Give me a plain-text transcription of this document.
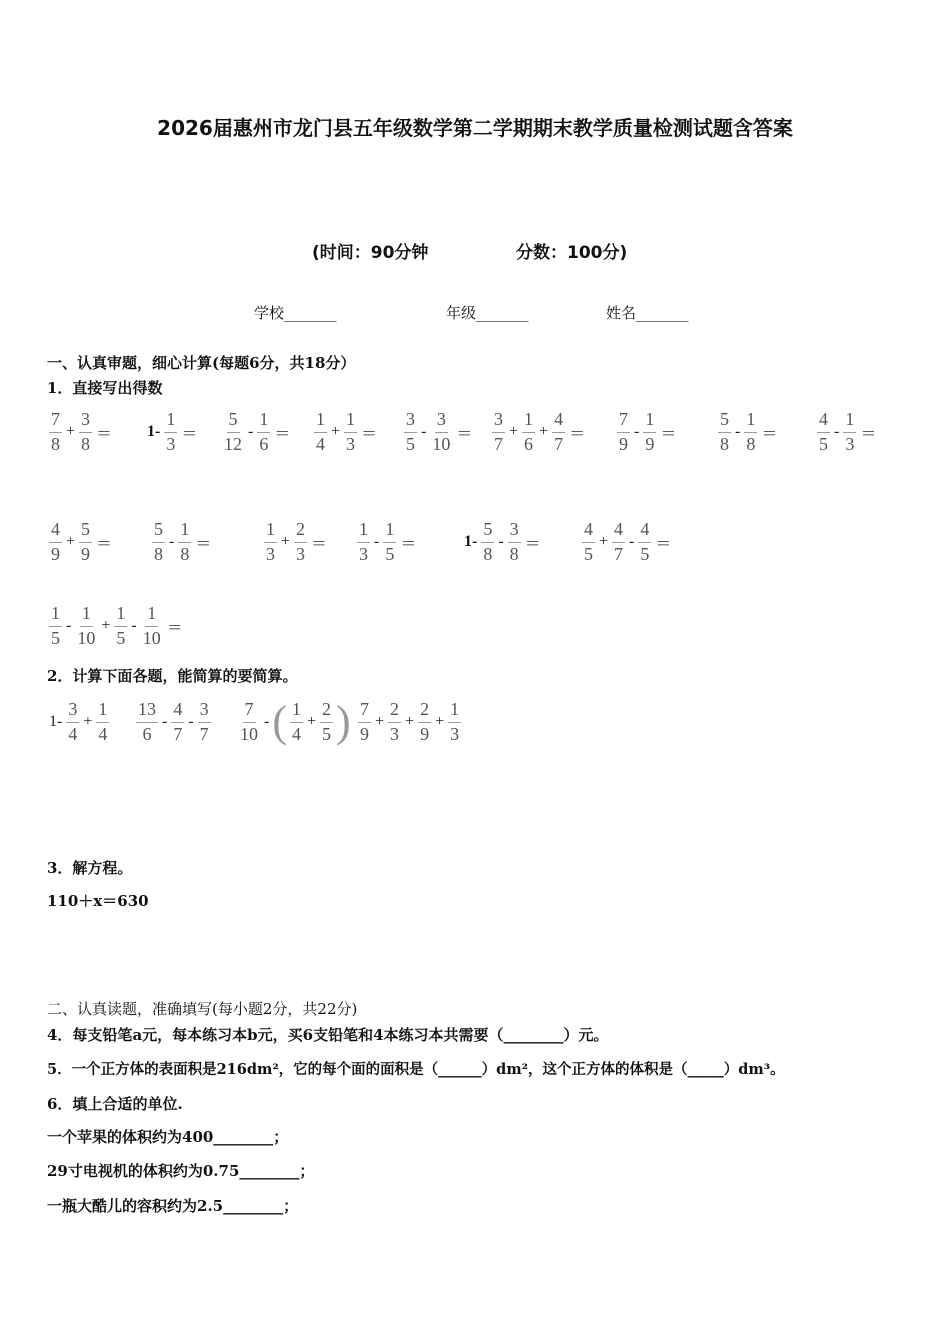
2026届惠州市龙门县五年级数学第二学期期末教学质量检测试题含答案
(时间：90分钟	分数：100分)
学校_______	年级_______	姓名_______
一、认真审题，细心计算(每题6分，共18分）
1．直接写出得数
$\frac{7}{8} + \frac{3}{8} = 1- \frac{1}{3} = \frac{5}{12} - \frac{1}{6} = \frac{1}{4} + \frac{1}{3} = \frac{3}{5} - \frac{3}{10} = \frac{3}{7} + \frac{1}{6} + \frac{4}{7} = \frac{7}{9} - \frac{1}{9} = \frac{5}{8} - \frac{1}{8} = \frac{4}{5} - \frac{1}{3}$ ＝
$\frac{4}{9} + \frac{5}{9} = \frac{5}{8} - \frac{1}{8}$ ＝	$\frac{1}{3} + \frac{2}{3} = \frac{1}{3} - \frac{1}{5}$ ＝	$1- \frac{5}{8} - \frac{3}{8} = \frac{4}{5} + \frac{4}{7} - \frac{4}{5}$ ＝
$\frac{1}{5} - \frac{1}{10} + \frac{1}{5} - \frac{1}{10}$ ＝
2．计算下面各题，能简算的要简算。
$1- \frac{3}{4} + \frac{1}{4} \frac{13}{6} - \frac{4}{7} - \frac{3}{7} \frac{7}{10}$ - ( $\frac{1}{4} + \frac{2}{5}$ ) $\frac{7}{9} + \frac{2}{3} + \frac{2}{9} + \frac{1}{3}$
3．解方程。
110＋x＝630
二、认真读题，准确填写(每小题2分，共22分)
4．每支铅笔a元，每本练习本b元，买6支铅笔和4本练习本共需要（________）元。
5．一个正方体的表面积是216dm²，它的每个面的面积是（______）dm²，这个正方体的体积是（_____）dm³。
6．填上合适的单位.
一个苹果的体积约为400________；
29寸电视机的体积约为0.75________；
一瓶大酷儿的容积约为2.5________；
